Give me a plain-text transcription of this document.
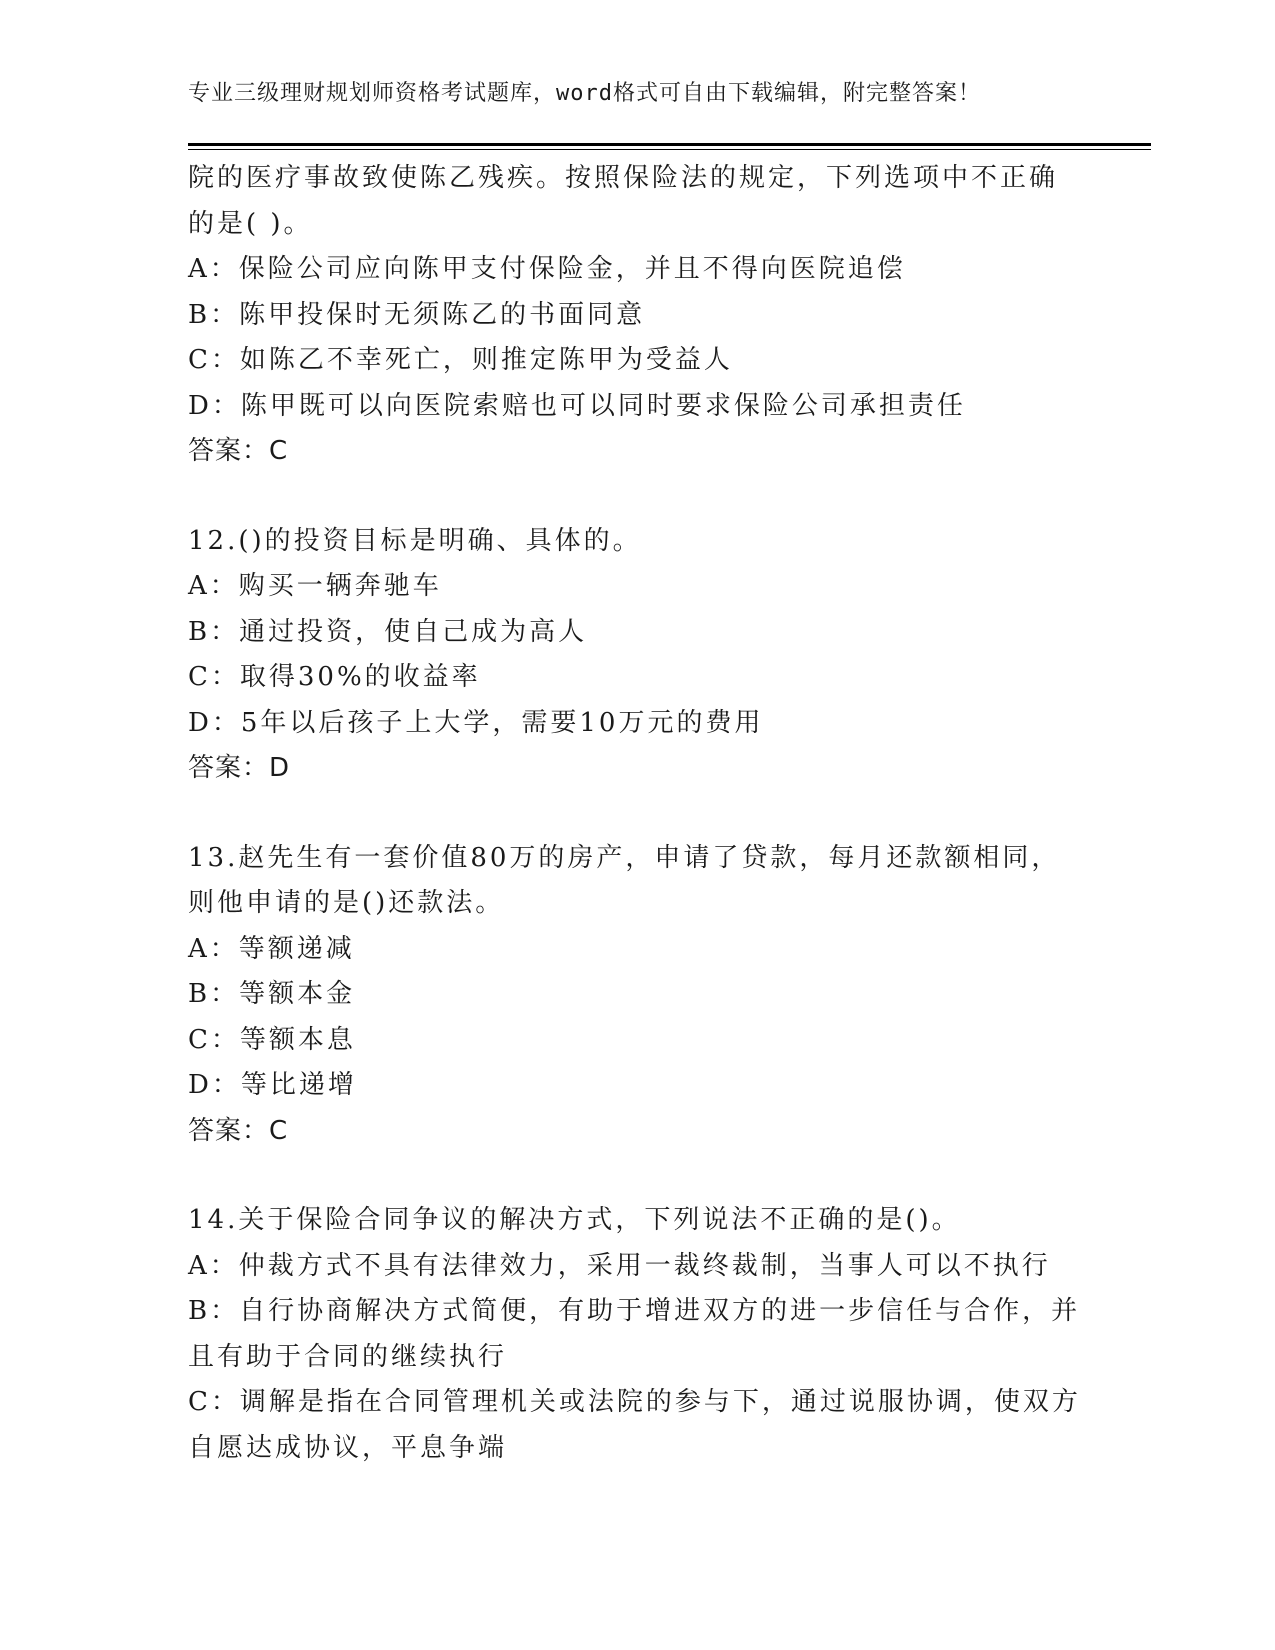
专业三级理财规划师资格考试题库，word格式可自由下载编辑，附完整答案！
院的医疗事故致使陈乙残疾。按照保险法的规定，下列选项中不正确
的是( )。
A：保险公司应向陈甲支付保险金，并且不得向医院追偿
B：陈甲投保时无须陈乙的书面同意
C：如陈乙不幸死亡，则推定陈甲为受益人
D：陈甲既可以向医院索赔也可以同时要求保险公司承担责任
答案：C
12.()的投资目标是明确、具体的。
A：购买一辆奔驰车
B：通过投资，使自己成为高人
C：取得30%的收益率
D：5年以后孩子上大学，需要10万元的费用
答案：D
13.赵先生有一套价值80万的房产，申请了贷款，每月还款额相同，
则他申请的是()还款法。
A：等额递减
B：等额本金
C：等额本息
D：等比递增
答案：C
14.关于保险合同争议的解决方式，下列说法不正确的是()。
A：仲裁方式不具有法律效力，采用一裁终裁制，当事人可以不执行
B：自行协商解决方式简便，有助于增进双方的进一步信任与合作，并
且有助于合同的继续执行
C：调解是指在合同管理机关或法院的参与下，通过说服协调，使双方
自愿达成协议，平息争端
